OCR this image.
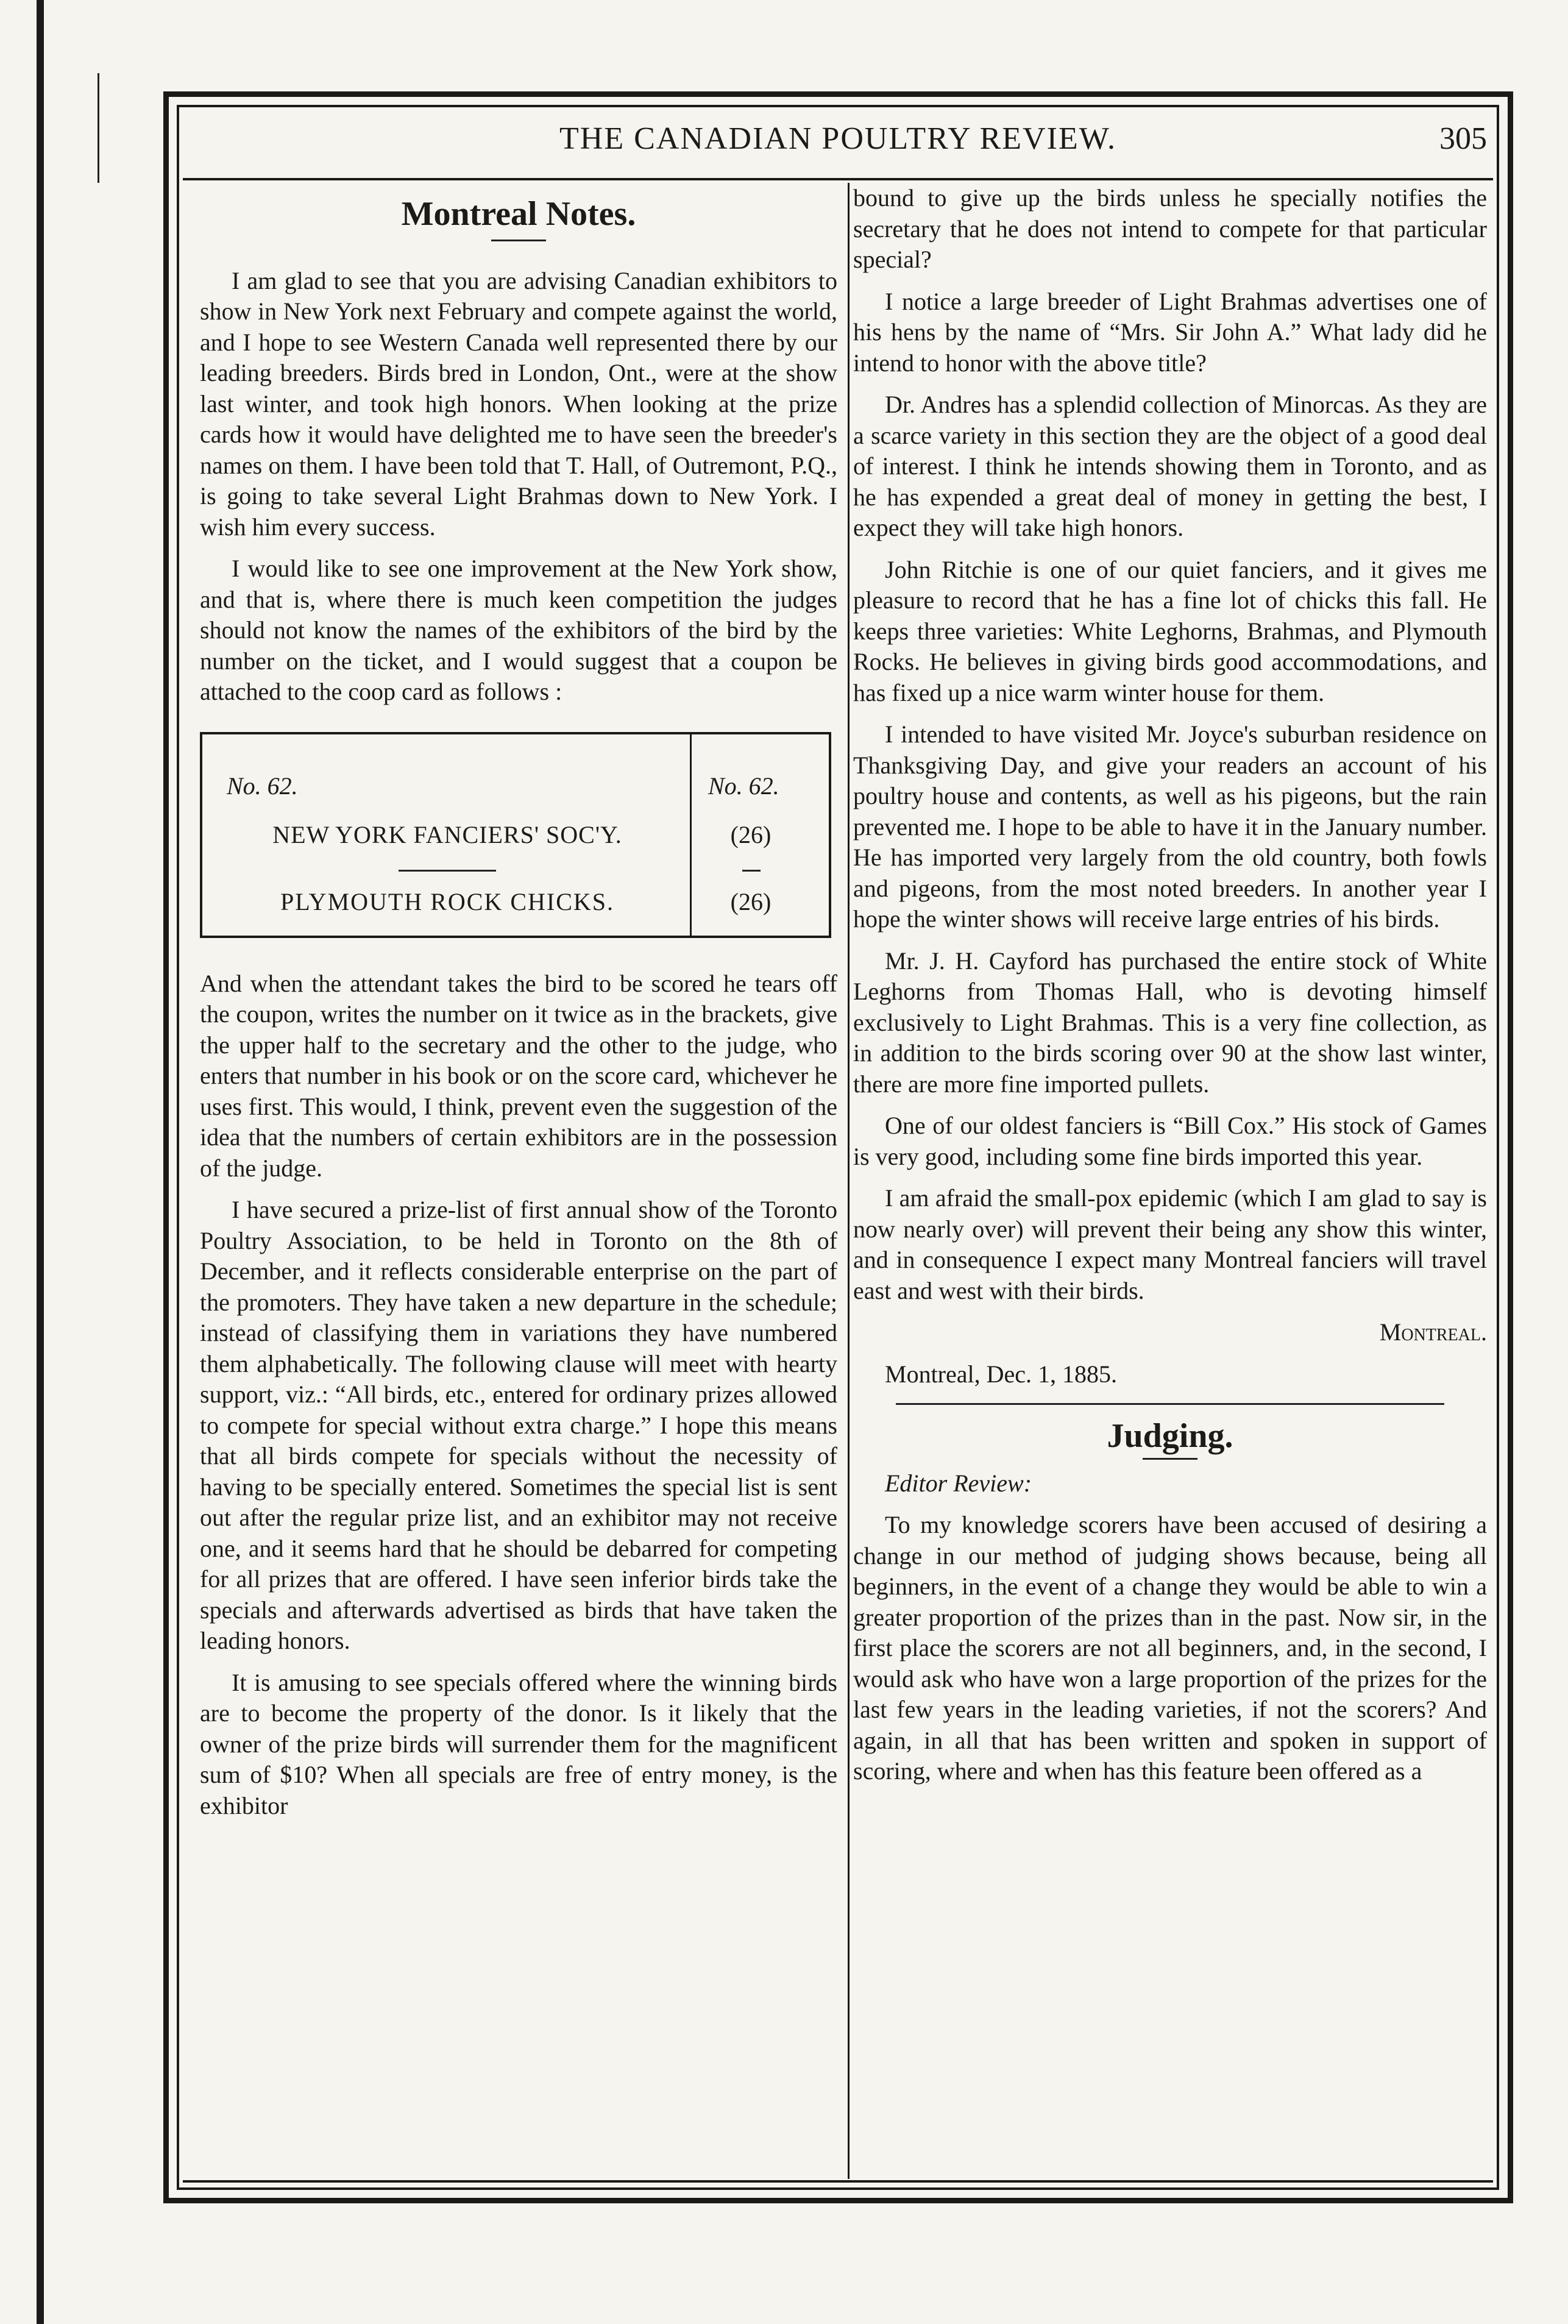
THE CANADIAN POULTRY REVIEW.	305
Montreal Notes.

I am glad to see that you are advising Canadian exhibitors to show in New York next February and compete against the world, and I hope to see Western Canada well represented there by our leading breeders. Birds bred in London, Ont., were at the show last winter, and took high honors. When looking at the prize cards how it would have delighted me to have seen the breeder's names on them. I have been told that T. Hall, of Outremont, P.Q., is going to take several Light Brahmas down to New York. I wish him every success.

I would like to see one improvement at the New York show, and that is, where there is much keen competition the judges should not know the names of the exhibitors of the bird by the number on the ticket, and I would suggest that a coupon be attached to the coop card as follows :

No. 62.	No. 62.
NEW YORK FANCIERS' SOC'Y.
PLYMOUTH ROCK CHICKS.
(26)
(26)

And when the attendant takes the bird to be scored he tears off the coupon, writes the number on it twice as in the brackets, give the upper half to the secretary and the other to the judge, who enters that number in his book or on the score card, whichever he uses first. This would, I think, prevent even the suggestion of the idea that the numbers of certain exhibitors are in the possession of the judge.

I have secured a prize-list of first annual show of the Toronto Poultry Association, to be held in Toronto on the 8th of December, and it reflects considerable enterprise on the part of the promoters. They have taken a new departure in the schedule; instead of classifying them in variations they have numbered them alphabetically. The following clause will meet with hearty support, viz.: “All birds, etc., entered for ordinary prizes allowed to compete for special without extra charge.” I hope this means that all birds compete for specials without the necessity of having to be specially entered. Sometimes the special list is sent out after the regular prize list, and an exhibitor may not receive one, and it seems hard that he should be debarred for competing for all prizes that are offered. I have seen inferior birds take the specials and afterwards advertised as birds that have taken the leading honors.

It is amusing to see specials offered where the winning birds are to become the property of the donor. Is it likely that the owner of the prize birds will surrender them for the magnificent sum of $10? When all specials are free of entry money, is the exhibitor

bound to give up the birds unless he specially notifies the secretary that he does not intend to compete for that particular special?

I notice a large breeder of Light Brahmas advertises one of his hens by the name of “Mrs. Sir John A.” What lady did he intend to honor with the above title?

Dr. Andres has a splendid collection of Minorcas. As they are a scarce variety in this section they are the object of a good deal of interest. I think he intends showing them in Toronto, and as he has expended a great deal of money in getting the best, I expect they will take high honors.

John Ritchie is one of our quiet fanciers, and it gives me pleasure to record that he has a fine lot of chicks this fall. He keeps three varieties: White Leghorns, Brahmas, and Plymouth Rocks. He believes in giving birds good accommodations, and has fixed up a nice warm winter house for them.

I intended to have visited Mr. Joyce's suburban residence on Thanksgiving Day, and give your readers an account of his poultry house and contents, as well as his pigeons, but the rain prevented me. I hope to be able to have it in the January number. He has imported very largely from the old country, both fowls and pigeons, from the most noted breeders. In another year I hope the winter shows will receive large entries of his birds.

Mr. J. H. Cayford has purchased the entire stock of White Leghorns from Thomas Hall, who is devoting himself exclusively to Light Brahmas. This is a very fine collection, as in addition to the birds scoring over 90 at the show last winter, there are more fine imported pullets.

One of our oldest fanciers is “Bill Cox.” His stock of Games is very good, including some fine birds imported this year.

I am afraid the small-pox epidemic (which I am glad to say is now nearly over) will prevent their being any show this winter, and in consequence I expect many Montreal fanciers will travel east and west with their birds.

Montreal.

Montreal, Dec. 1, 1885.

Judging.

Editor Review:

To my knowledge scorers have been accused of desiring a change in our method of judging shows because, being all beginners, in the event of a change they would be able to win a greater proportion of the prizes than in the past. Now sir, in the first place the scorers are not all beginners, and, in the second, I would ask who have won a large proportion of the prizes for the last few years in the leading varieties, if not the scorers? And again, in all that has been written and spoken in support of scoring, where and when has this feature been offered as a
